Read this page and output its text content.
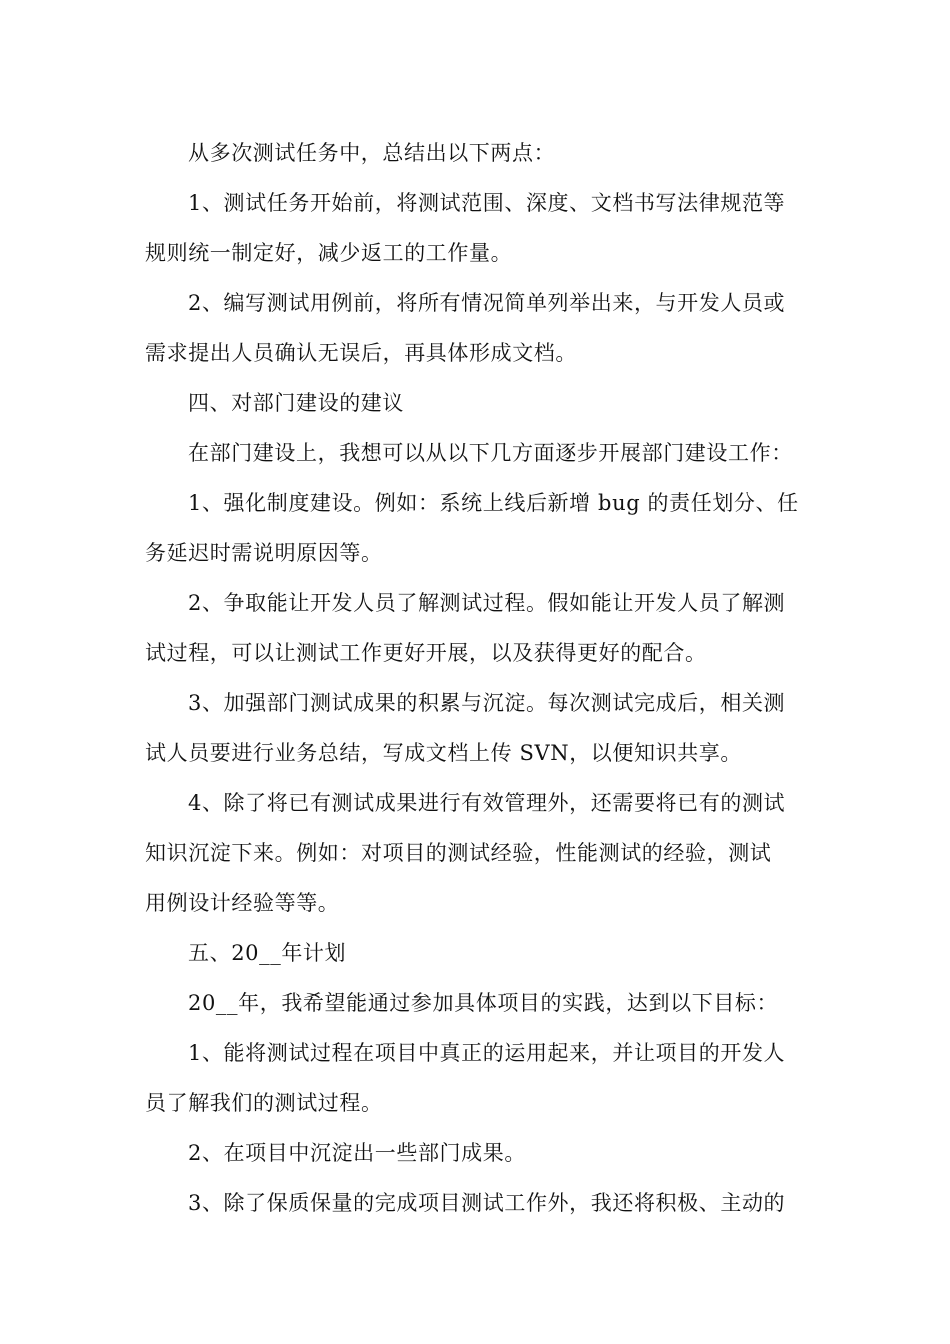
从多次测试任务中，总结出以下两点：
1、测试任务开始前，将测试范围、深度、文档书写法律规范等
规则统一制定好，减少返工的工作量。
2、编写测试用例前，将所有情况简单列举出来，与开发人员或
需求提出人员确认无误后，再具体形成文档。
四、对部门建设的建议
在部门建设上，我想可以从以下几方面逐步开展部门建设工作：
1、强化制度建设。例如：系统上线后新增 bug 的责任划分、任
务延迟时需说明原因等。
2、争取能让开发人员了解测试过程。假如能让开发人员了解测
试过程，可以让测试工作更好开展，以及获得更好的配合。
3、加强部门测试成果的积累与沉淀。每次测试完成后，相关测
试人员要进行业务总结，写成文档上传 SVN，以便知识共享。
4、除了将已有测试成果进行有效管理外，还需要将已有的测试
知识沉淀下来。例如：对项目的测试经验，性能测试的经验，测试
用例设计经验等等。
五、20__年计划
20__年，我希望能通过参加具体项目的实践，达到以下目标：
1、能将测试过程在项目中真正的运用起来，并让项目的开发人
员了解我们的测试过程。
2、在项目中沉淀出一些部门成果。
3、除了保质保量的完成项目测试工作外，我还将积极、主动的
